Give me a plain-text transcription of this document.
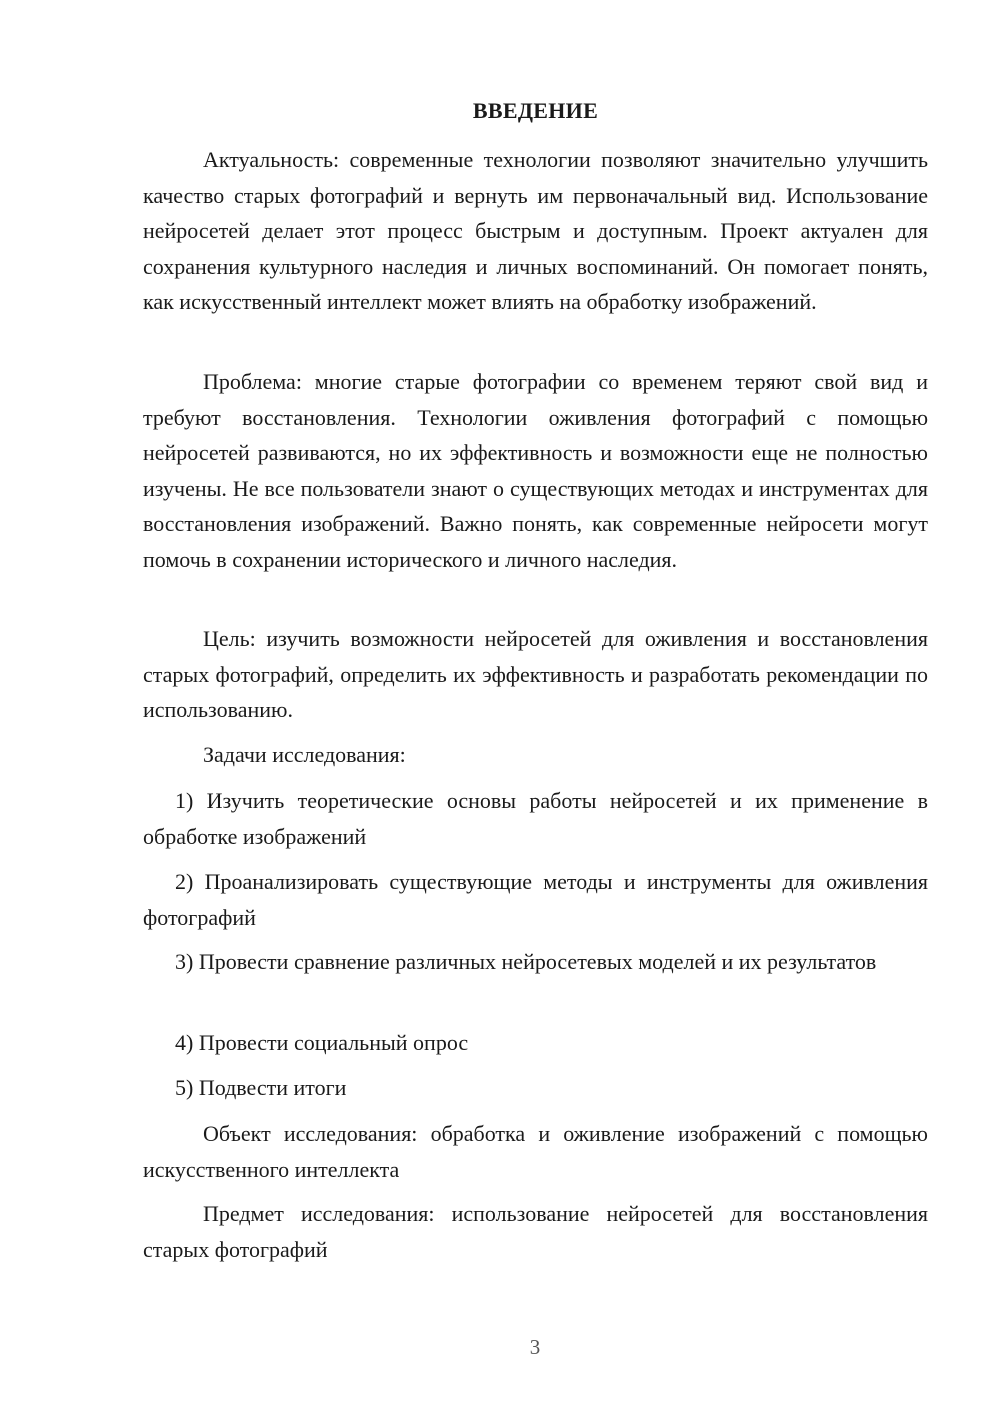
ВВЕДЕНИЕ

Актуальность: современные технологии позволяют значительно улучшить качество старых фотографий и вернуть им первоначальный вид. Использование нейросетей делает этот процесс быстрым и доступным. Проект актуален для сохранения культурного наследия и личных воспоминаний. Он помогает понять, как искусственный интеллект может влиять на обработку изображений.

Проблема: многие старые фотографии со временем теряют свой вид и требуют восстановления. Технологии оживления фотографий с помощью нейросетей развиваются, но их эффективность и возможности еще не полностью изучены. Не все пользователи знают о существующих методах и инструментах для восстановления изображений. Важно понять, как современные нейросети могут помочь в сохранении исторического и личного наследия.

Цель: изучить возможности нейросетей для оживления и восстановления старых фотографий, определить их эффективность и разработать рекомендации по использованию.

Задачи исследования:

1) Изучить теоретические основы работы нейросетей и их применение в обработке изображений

2) Проанализировать существующие методы и инструменты для оживления фотографий

3) Провести сравнение различных нейросетевых моделей и их результатов

4) Провести социальный опрос

5) Подвести итоги

Объект исследования: обработка и оживление изображений с помощью искусственного интеллекта

Предмет исследования: использование нейросетей для восстановления старых фотографий

3
